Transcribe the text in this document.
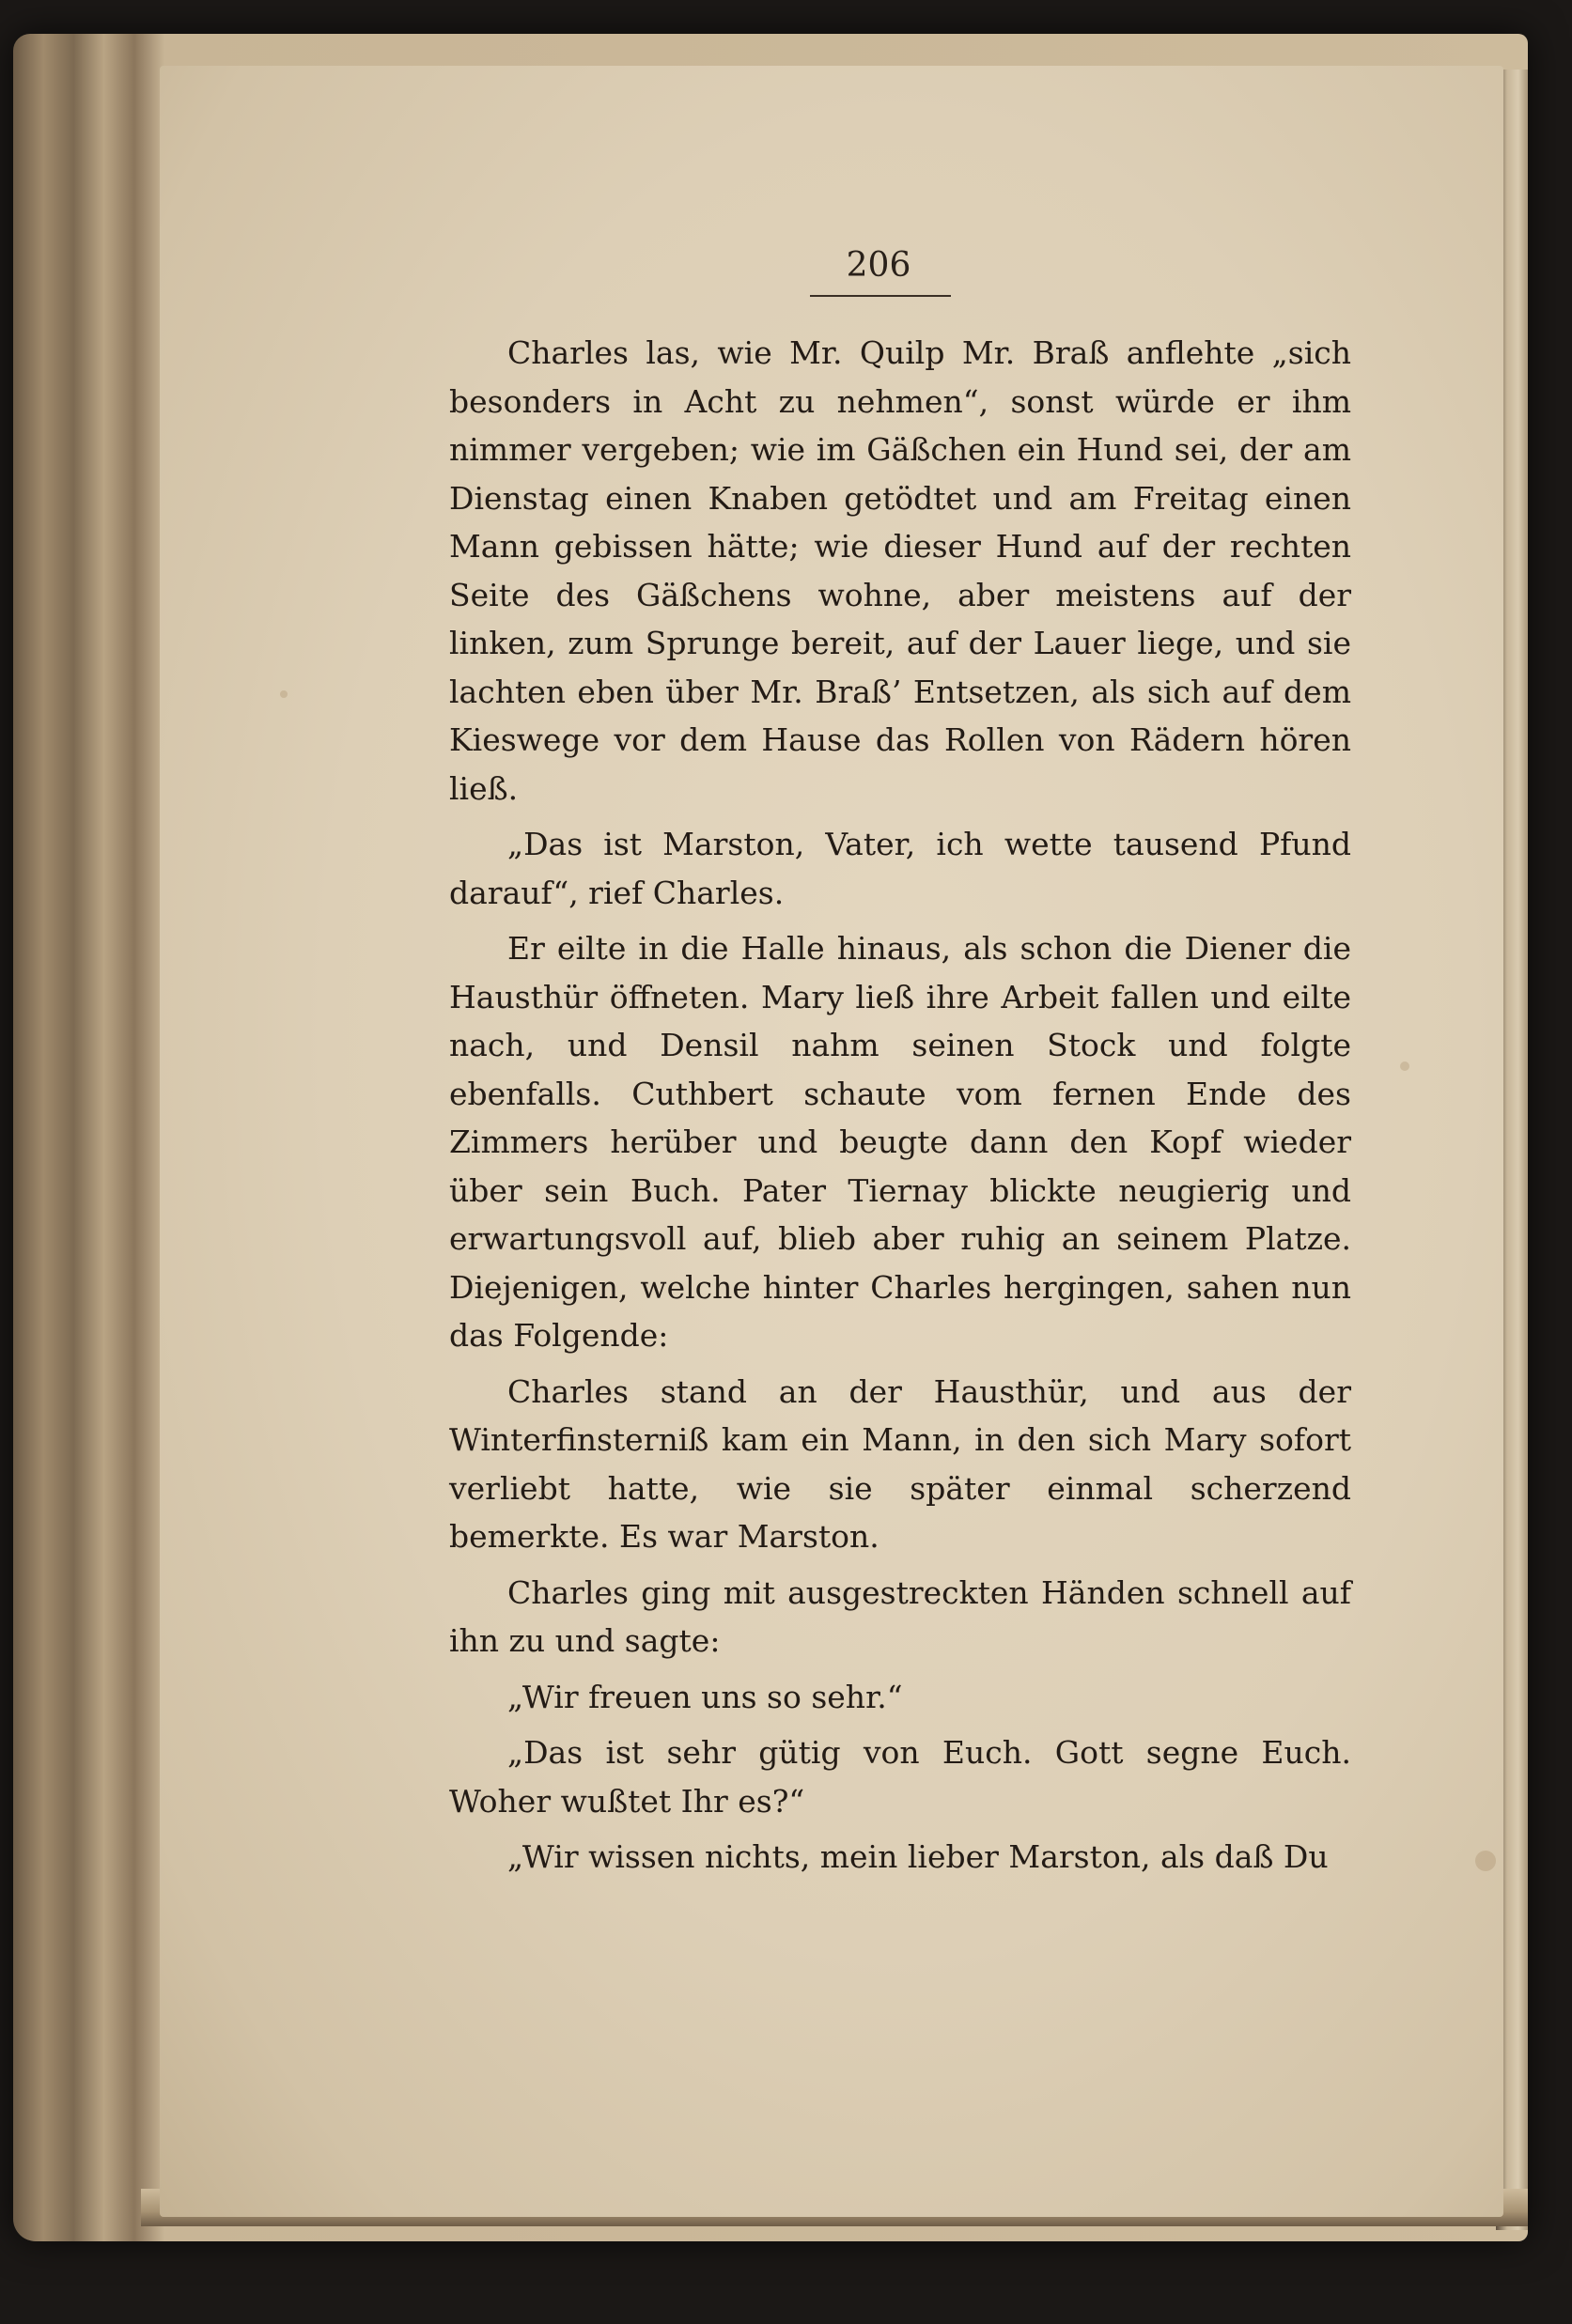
206

Charles las, wie Mr. Quilp Mr. Braß anflehte „sich besonders in Acht zu nehmen“, sonst würde er ihm nimmer vergeben; wie im Gäßchen ein Hund sei, der am Dienstag einen Knaben getödtet und am Freitag einen Mann gebissen hätte; wie dieser Hund auf der rechten Seite des Gäßchens wohne, aber meistens auf der linken, zum Sprunge bereit, auf der Lauer liege, und sie lachten eben über Mr. Braß’ Entsetzen, als sich auf dem Kieswege vor dem Hause das Rollen von Rädern hören ließ.

„Das ist Marston, Vater, ich wette tausend Pfund darauf“, rief Charles.

Er eilte in die Halle hinaus, als schon die Diener die Hausthür öffneten. Mary ließ ihre Arbeit fallen und eilte nach, und Densil nahm seinen Stock und folgte ebenfalls. Cuthbert schaute vom fernen Ende des Zimmers herüber und beugte dann den Kopf wieder über sein Buch. Pater Tiernay blickte neugierig und erwartungsvoll auf, blieb aber ruhig an seinem Platze. Diejenigen, welche hinter Charles hergingen, sahen nun das Folgende:

Charles stand an der Hausthür, und aus der Winterfinsterniß kam ein Mann, in den sich Mary sofort verliebt hatte, wie sie später einmal scherzend bemerkte. Es war Marston.

Charles ging mit ausgestreckten Händen schnell auf ihn zu und sagte:

„Wir freuen uns so sehr.“

„Das ist sehr gütig von Euch. Gott segne Euch. Woher wußtet Ihr es?“

„Wir wissen nichts, mein lieber Marston, als daß Du
